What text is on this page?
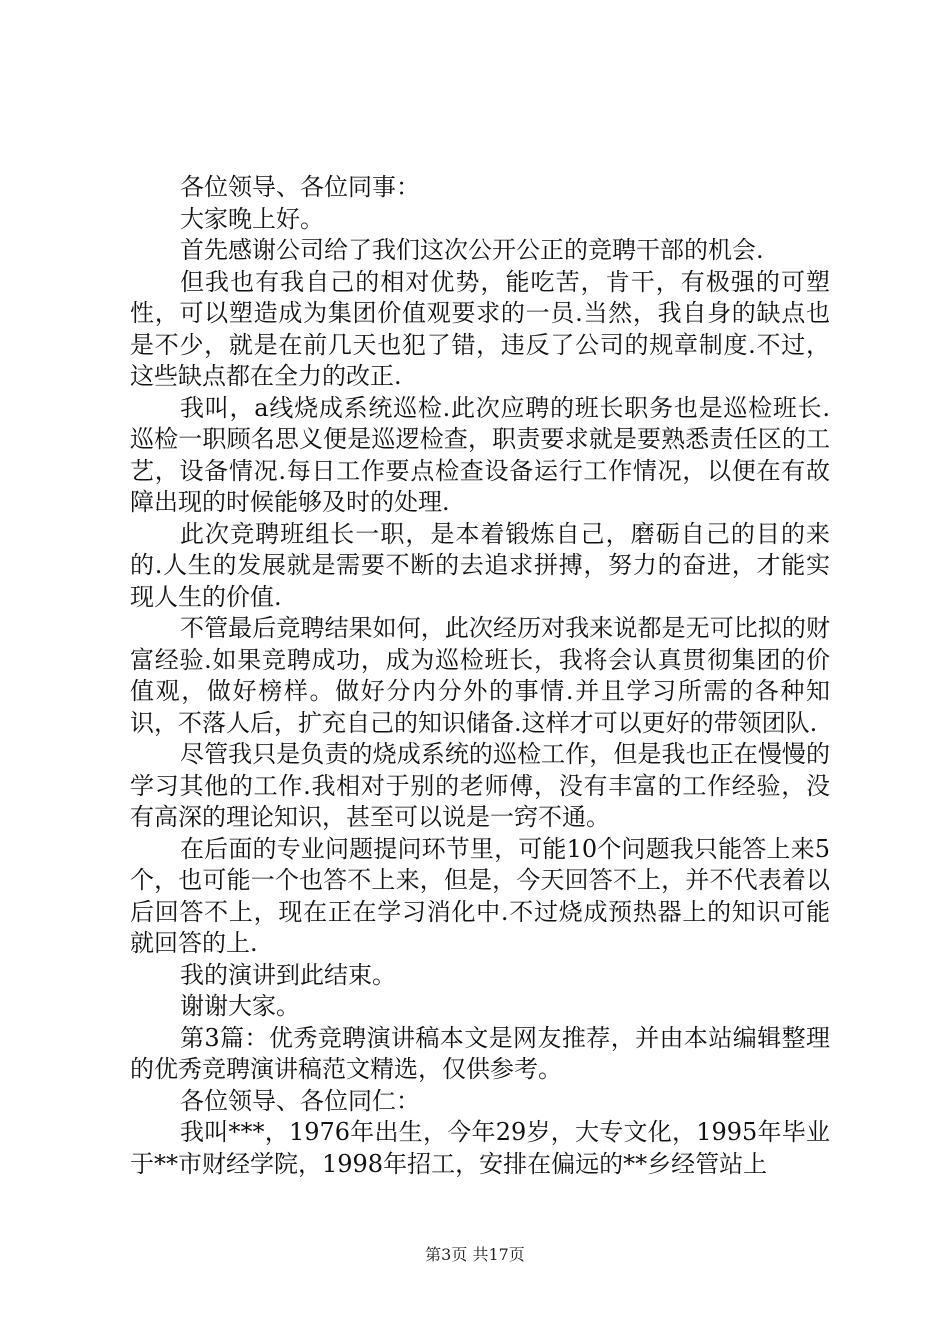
各位领导、各位同事：

大家晚上好。

首先感谢公司给了我们这次公开公正的竞聘干部的机会.

但我也有我自己的相对优势，能吃苦，肯干，有极强的可塑性，可以塑造成为集团价值观要求的一员.当然，我自身的缺点也是不少，就是在前几天也犯了错，违反了公司的规章制度.不过，这些缺点都在全力的改正.

我叫，a线烧成系统巡检.此次应聘的班长职务也是巡检班长.巡检一职顾名思义便是巡逻检查，职责要求就是要熟悉责任区的工艺，设备情况.每日工作要点检查设备运行工作情况，以便在有故障出现的时候能够及时的处理.

此次竞聘班组长一职，是本着锻炼自己，磨砺自己的目的来的.人生的发展就是需要不断的去追求拼搏，努力的奋进，才能实现人生的价值.

不管最后竞聘结果如何，此次经历对我来说都是无可比拟的财富经验.如果竞聘成功，成为巡检班长，我将会认真贯彻集团的价值观，做好榜样。做好分内分外的事情.并且学习所需的各种知识，不落人后，扩充自己的知识储备.这样才可以更好的带领团队.

尽管我只是负责的烧成系统的巡检工作，但是我也正在慢慢的学习其他的工作.我相对于别的老师傅，没有丰富的工作经验，没有高深的理论知识，甚至可以说是一窍不通。

在后面的专业问题提问环节里，可能10个问题我只能答上来5个，也可能一个也答不上来，但是，今天回答不上，并不代表着以后回答不上，现在正在学习消化中.不过烧成预热器上的知识可能就回答的上.

我的演讲到此结束。

谢谢大家。

第3篇：优秀竞聘演讲稿本文是网友推荐，并由本站编辑整理的优秀竞聘演讲稿范文精选，仅供参考。

各位领导、各位同仁：

我叫***，1976年出生，今年29岁，大专文化，1995年毕业于**市财经学院，1998年招工，安排在偏远的**乡经管站上

第3页 共17页
